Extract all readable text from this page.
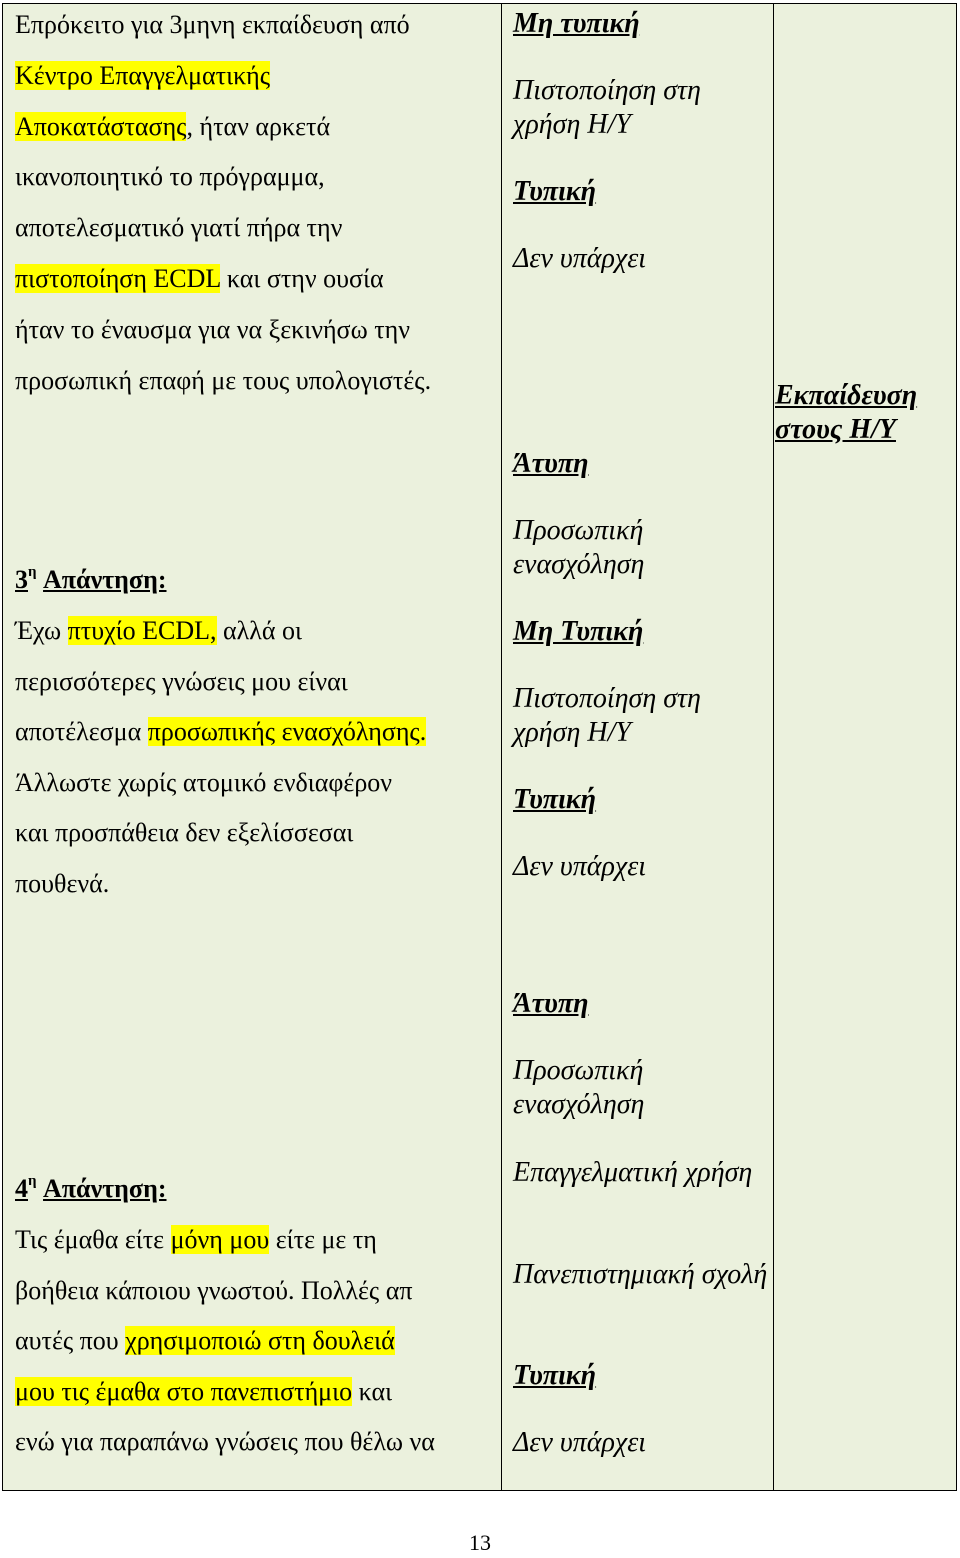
Επρόκειτο για 3μηνη εκπαίδευση από
Κέντρο Επαγγελματικής
Αποκατάστασης, ήταν αρκετά
ικανοποιητικό το πρόγραμμα,
αποτελεσματικό γιατί πήρα την
πιστοποίηση ECDL και στην ουσία
ήταν το έναυσμα για να ξεκινήσω την
προσωπική επαφή με τους υπολογιστές.
$3^\eta$ Απάντηση:
Έχω πτυχίο ECDL, αλλά οι
περισσότερες γνώσεις μου είναι
αποτέλεσμα προσωπικής ενασχόλησης.
Άλλωστε χωρίς ατομικό ενδιαφέρον
και προσπάθεια δεν εξελίσσεσαι
πουθενά.
$4^\eta$ Απάντηση:
Τις έμαθα είτε μόνη μου είτε με τη
βοήθεια κάποιου γνωστού. Πολλές απ
αυτές που χρησιμοποιώ στη δουλειά
μου τις έμαθα στο πανεπιστήμιο και
ενώ για παραπάνω γνώσεις που θέλω να
Μη τυπική
Πιστοποίηση στη χρήση Η/Υ
Τυπική
Δεν υπάρχει
Άτυπη
Προσωπική ενασχόληση
Μη Τυπική
Πιστοποίηση στη χρήση Η/Υ
Τυπική
Δεν υπάρχει
Άτυπη
Προσωπική ενασχόληση
Επαγγελματική χρήση
Πανεπιστημιακή σχολή
Τυπική
Δεν υπάρχει
Εκπαίδευση στους Η/Υ
13
